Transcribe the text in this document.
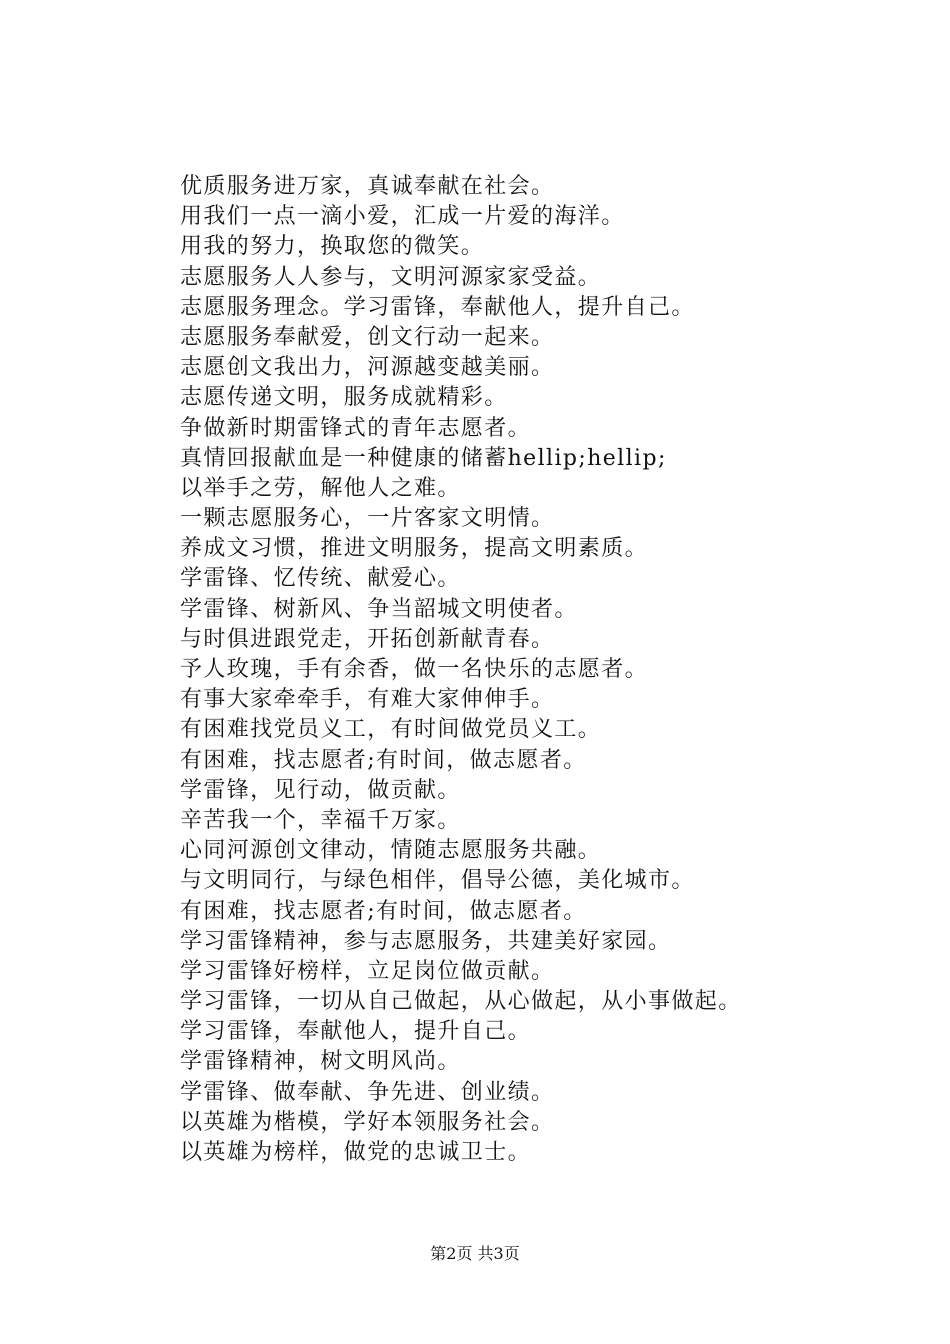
优质服务进万家，真诚奉献在社会。
用我们一点一滴小爱，汇成一片爱的海洋。
用我的努力，换取您的微笑。
志愿服务人人参与，文明河源家家受益。
志愿服务理念。学习雷锋，奉献他人，提升自己。
志愿服务奉献爱，创文行动一起来。
志愿创文我出力，河源越变越美丽。
志愿传递文明，服务成就精彩。
争做新时期雷锋式的青年志愿者。
真情回报献血是一种健康的储蓄hellip;hellip;
以举手之劳，解他人之难。
一颗志愿服务心，一片客家文明情。
养成文习惯，推进文明服务，提高文明素质。
学雷锋、忆传统、献爱心。
学雷锋、树新风、争当韶城文明使者。
与时俱进跟党走，开拓创新献青春。
予人玫瑰，手有余香，做一名快乐的志愿者。
有事大家牵牵手，有难大家伸伸手。
有困难找党员义工，有时间做党员义工。
有困难，找志愿者;有时间，做志愿者。
学雷锋，见行动，做贡献。
辛苦我一个，幸福千万家。
心同河源创文律动，情随志愿服务共融。
与文明同行，与绿色相伴，倡导公德，美化城市。
有困难，找志愿者;有时间，做志愿者。
学习雷锋精神，参与志愿服务，共建美好家园。
学习雷锋好榜样，立足岗位做贡献。
学习雷锋，一切从自己做起，从心做起，从小事做起。
学习雷锋，奉献他人，提升自己。
学雷锋精神，树文明风尚。
学雷锋、做奉献、争先进、创业绩。
以英雄为楷模，学好本领服务社会。
以英雄为榜样，做党的忠诚卫士。
第2页 共3页
